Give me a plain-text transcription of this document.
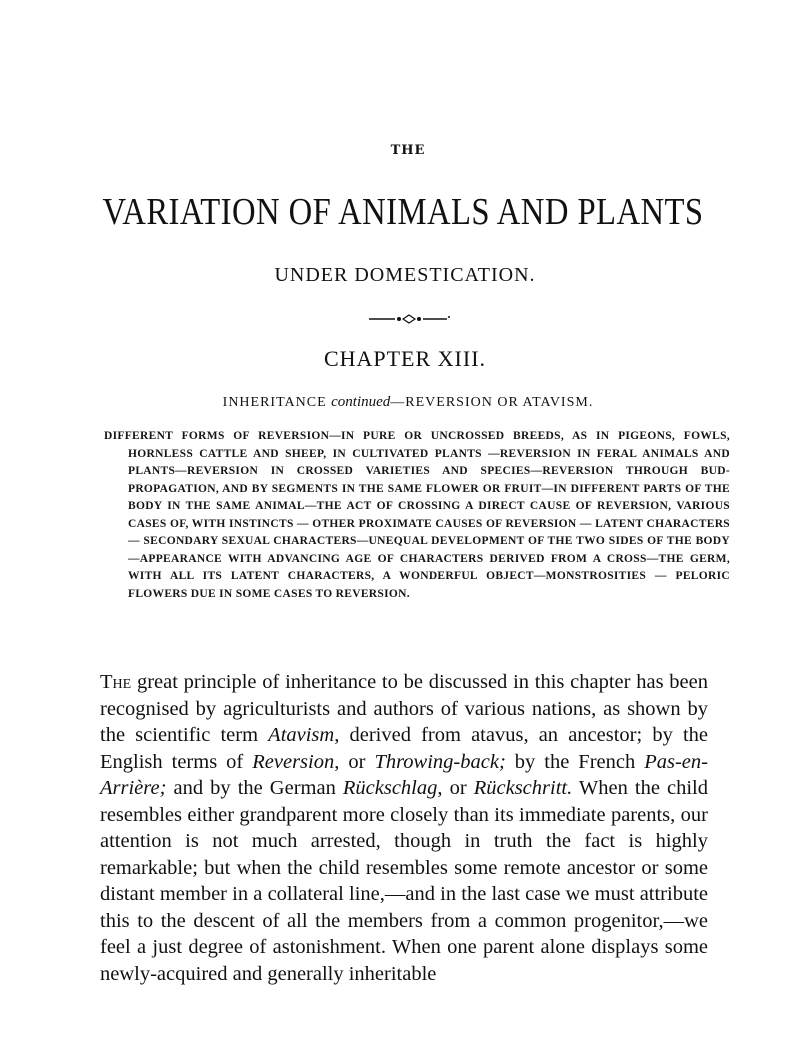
THE
VARIATION OF ANIMALS AND PLANTS
UNDER DOMESTICATION.
CHAPTER XIII.
INHERITANCE continued—REVERSION OR ATAVISM.
DIFFERENT FORMS OF REVERSION—IN PURE OR UNCROSSED BREEDS, AS IN PIGEONS, FOWLS, HORNLESS CATTLE AND SHEEP, IN CULTIVATED PLANTS —REVERSION IN FERAL ANIMALS AND PLANTS—REVERSION IN CROSSED VARIETIES AND SPECIES—REVERSION THROUGH BUD-PROPAGATION, AND BY SEGMENTS IN THE SAME FLOWER OR FRUIT—IN DIFFERENT PARTS OF THE BODY IN THE SAME ANIMAL—THE ACT OF CROSSING A DIRECT CAUSE OF REVERSION, VARIOUS CASES OF, WITH INSTINCTS — OTHER PROXIMATE CAUSES OF REVERSION — LATENT CHARACTERS — SECONDARY SEXUAL CHARACTERS—UNEQUAL DEVELOPMENT OF THE TWO SIDES OF THE BODY—APPEARANCE WITH ADVANCING AGE OF CHARACTERS DERIVED FROM A CROSS—THE GERM, WITH ALL ITS LATENT CHARACTERS, A WONDERFUL OBJECT—MONSTROSITIES — PELORIC FLOWERS DUE IN SOME CASES TO REVERSION.
The great principle of inheritance to be discussed in this chapter has been recognised by agriculturists and authors of various nations, as shown by the scientific term Atavism, derived from atavus, an ancestor; by the English terms of Reversion, or Throwing-back; by the French Pas-en-Arrière; and by the German Rückschlag, or Rückschritt. When the child resembles either grandparent more closely than its immediate parents, our attention is not much arrested, though in truth the fact is highly remarkable; but when the child resembles some remote ancestor or some distant member in a collateral line,—and in the last case we must attribute this to the descent of all the members from a common progenitor,—we feel a just degree of astonishment. When one parent alone displays some newly-acquired and generally inheritable
